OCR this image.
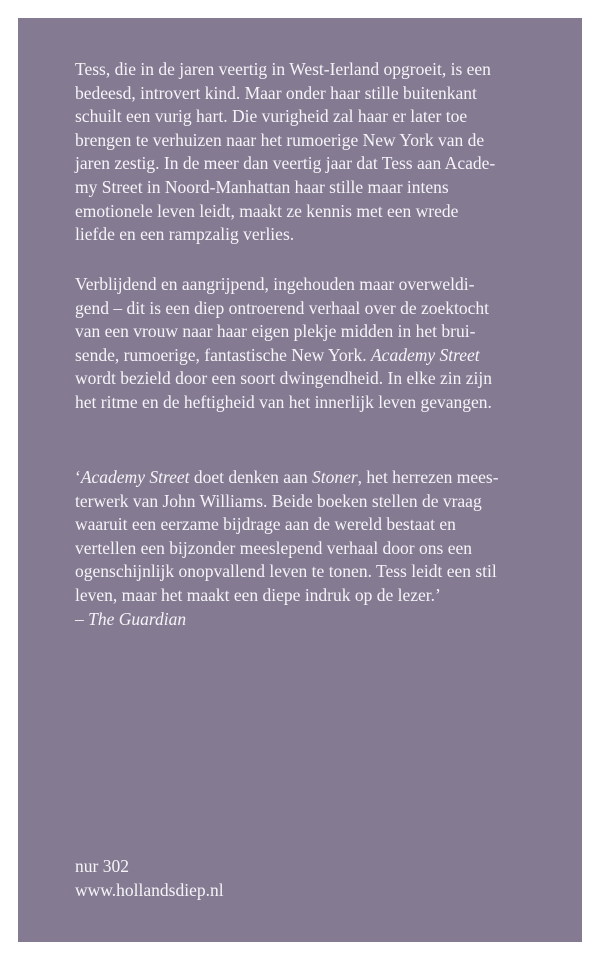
Tess, die in de jaren veertig in West-Ierland opgroeit, is een
bedeesd, introvert kind. Maar onder haar stille buitenkant
schuilt een vurig hart. Die vurigheid zal haar er later toe
brengen te verhuizen naar het rumoerige New York van de
jaren zestig. In de meer dan veertig jaar dat Tess aan Acade-
my Street in Noord-Manhattan haar stille maar intens
emotionele leven leidt, maakt ze kennis met een wrede
liefde en een rampzalig verlies.

Verblijdend en aangrijpend, ingehouden maar overweldi-
gend – dit is een diep ontroerend verhaal over de zoektocht
van een vrouw naar haar eigen plekje midden in het brui-
sende, rumoerige, fantastische New York. Academy Street
wordt bezield door een soort dwingendheid. In elke zin zijn
het ritme en de heftigheid van het innerlijk leven gevangen.

‘Academy Street doet denken aan Stoner, het herrezen mees-
terwerk van John Williams. Beide boeken stellen de vraag
waaruit een eerzame bijdrage aan de wereld bestaat en
vertellen een bijzonder meeslepend verhaal door ons een
ogenschijnlijk onopvallend leven te tonen. Tess leidt een stil
leven, maar het maakt een diepe indruk op de lezer.’
– The Guardian

nur 302
www.hollandsdiep.nl
